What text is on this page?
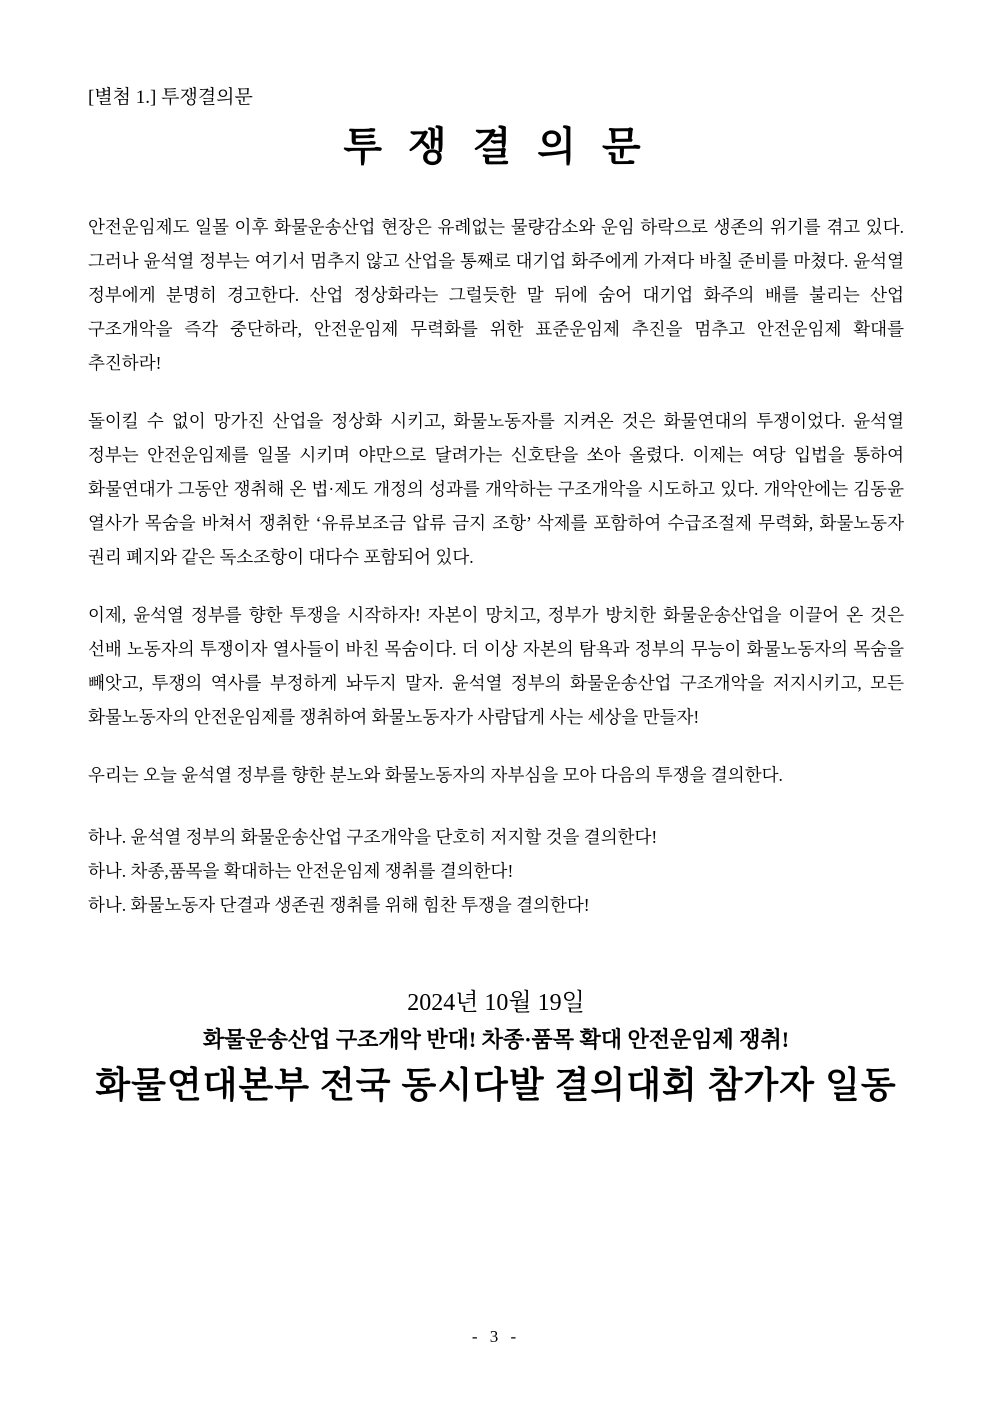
[별첨 1.] 투쟁결의문
투 쟁 결 의 문

안전운임제도 일몰 이후 화물운송산업 현장은 유례없는 물량감소와 운임 하락으로 생존의 위기를 겪고 있다. 그러나 윤석열 정부는 여기서 멈추지 않고 산업을 통째로 대기업 화주에게 가져다 바칠 준비를 마쳤다. 윤석열 정부에게 분명히 경고한다. 산업 정상화라는 그럴듯한 말 뒤에 숨어 대기업 화주의 배를 불리는 산업 구조개악을 즉각 중단하라, 안전운임제 무력화를 위한 표준운임제 추진을 멈추고 안전운임제 확대를 추진하라!

돌이킬 수 없이 망가진 산업을 정상화 시키고, 화물노동자를 지켜온 것은 화물연대의 투쟁이었다. 윤석열 정부는 안전운임제를 일몰 시키며 야만으로 달려가는 신호탄을 쏘아 올렸다. 이제는 여당 입법을 통하여 화물연대가 그동안 쟁취해 온 법·제도 개정의 성과를 개악하는 구조개악을 시도하고 있다. 개악안에는 김동윤 열사가 목숨을 바쳐서 쟁취한 ‘유류보조금 압류 금지 조항’ 삭제를 포함하여 수급조절제 무력화, 화물노동자 권리 폐지와 같은 독소조항이 대다수 포함되어 있다.

이제, 윤석열 정부를 향한 투쟁을 시작하자! 자본이 망치고, 정부가 방치한 화물운송산업을 이끌어 온 것은 선배 노동자의 투쟁이자 열사들이 바친 목숨이다. 더 이상 자본의 탐욕과 정부의 무능이 화물노동자의 목숨을 빼앗고, 투쟁의 역사를 부정하게 놔두지 말자. 윤석열 정부의 화물운송산업 구조개악을 저지시키고, 모든 화물노동자의 안전운임제를 쟁취하여 화물노동자가 사람답게 사는 세상을 만들자!

우리는 오늘 윤석열 정부를 향한 분노와 화물노동자의 자부심을 모아 다음의 투쟁을 결의한다.

하나. 윤석열 정부의 화물운송산업 구조개악을 단호히 저지할 것을 결의한다!
하나. 차종,품목을 확대하는 안전운임제 쟁취를 결의한다!
하나. 화물노동자 단결과 생존권 쟁취를 위해 힘찬 투쟁을 결의한다!
2024년 10월 19일
화물운송산업 구조개악 반대! 차종·품목 확대 안전운임제 쟁취!
화물연대본부 전국 동시다발 결의대회 참가자 일동
- 3 -
